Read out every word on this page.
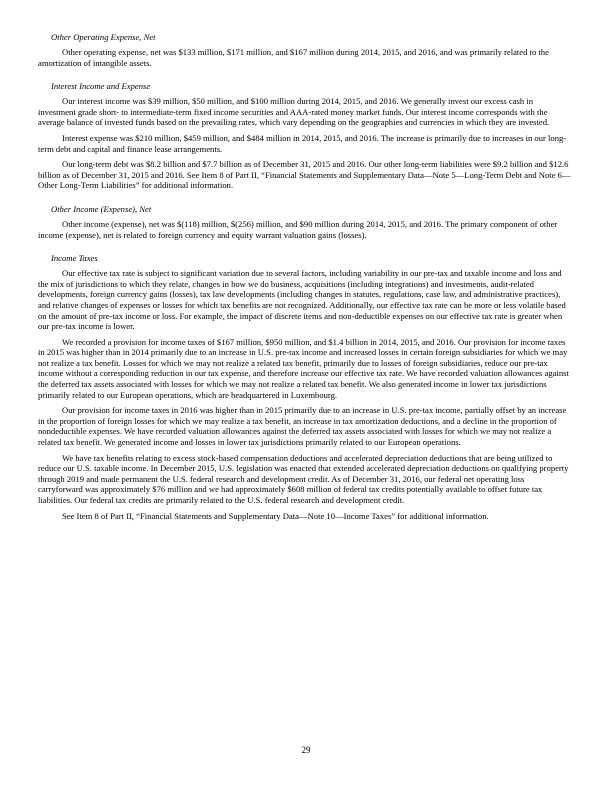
Other Operating Expense, Net

Other operating expense, net was $133 million, $171 million, and $167 million during 2014, 2015, and 2016, and was primarily related to the amortization of intangible assets.

Interest Income and Expense

Our interest income was $39 million, $50 million, and $100 million during 2014, 2015, and 2016. We generally invest our excess cash in investment grade short- to intermediate-term fixed income securities and AAA-rated money market funds. Our interest income corresponds with the average balance of invested funds based on the prevailing rates, which vary depending on the geographies and currencies in which they are invested.

Interest expense was $210 million, $459 million, and $484 million in 2014, 2015, and 2016. The increase is primarily due to increases in our long-term debt and capital and finance lease arrangements.

Our long-term debt was $8.2 billion and $7.7 billion as of December 31, 2015 and 2016. Our other long-term liabilities were $9.2 billion and $12.6 billion as of December 31, 2015 and 2016. See Item 8 of Part II, “Financial Statements and Supplementary Data—Note 5—Long-Term Debt and Note 6—Other Long-Term Liabilities” for additional information.

Other Income (Expense), Net

Other income (expense), net was $(118) million, $(256) million, and $90 million during 2014, 2015, and 2016. The primary component of other income (expense), net is related to foreign currency and equity warrant valuation gains (losses).

Income Taxes

Our effective tax rate is subject to significant variation due to several factors, including variability in our pre-tax and taxable income and loss and the mix of jurisdictions to which they relate, changes in how we do business, acquisitions (including integrations) and investments, audit-related developments, foreign currency gains (losses), tax law developments (including changes in statutes, regulations, case law, and administrative practices), and relative changes of expenses or losses for which tax benefits are not recognized. Additionally, our effective tax rate can be more or less volatile based on the amount of pre-tax income or loss. For example, the impact of discrete items and non-deductible expenses on our effective tax rate is greater when our pre-tax income is lower.

We recorded a provision for income taxes of $167 million, $950 million, and $1.4 billion in 2014, 2015, and 2016. Our provision for income taxes in 2015 was higher than in 2014 primarily due to an increase in U.S. pre-tax income and increased losses in certain foreign subsidiaries for which we may not realize a tax benefit. Losses for which we may not realize a related tax benefit, primarily due to losses of foreign subsidiaries, reduce our pre-tax income without a corresponding reduction in our tax expense, and therefore increase our effective tax rate. We have recorded valuation allowances against the deferred tax assets associated with losses for which we may not realize a related tax benefit. We also generated income in lower tax jurisdictions primarily related to our European operations, which are headquartered in Luxembourg.

Our provision for income taxes in 2016 was higher than in 2015 primarily due to an increase in U.S. pre-tax income, partially offset by an increase in the proportion of foreign losses for which we may realize a tax benefit, an increase in tax amortization deductions, and a decline in the proportion of nondeductible expenses. We have recorded valuation allowances against the deferred tax assets associated with losses for which we may not realize a related tax benefit. We generated income and losses in lower tax jurisdictions primarily related to our European operations.

We have tax benefits relating to excess stock-based compensation deductions and accelerated depreciation deductions that are being utilized to reduce our U.S. taxable income. In December 2015, U.S. legislation was enacted that extended accelerated depreciation deductions on qualifying property through 2019 and made permanent the U.S. federal research and development credit. As of December 31, 2016, our federal net operating loss carryforward was approximately $76 million and we had approximately $608 million of federal tax credits potentially available to offset future tax liabilities. Our federal tax credits are primarily related to the U.S. federal research and development credit.

See Item 8 of Part II, “Financial Statements and Supplementary Data—Note 10—Income Taxes” for additional information.

29
